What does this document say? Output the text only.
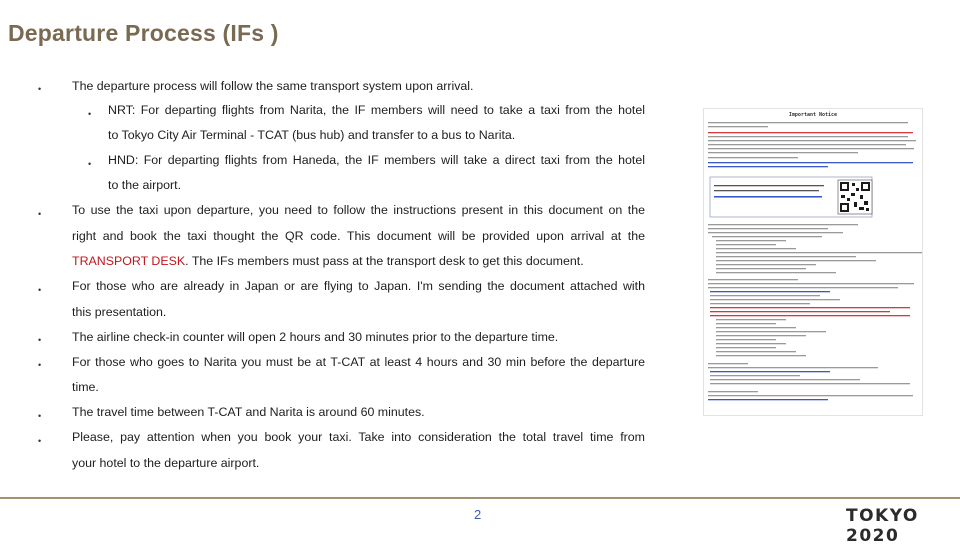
Departure Process (IFs )
• The departure process will follow the same transport system upon arrival.
• NRT: For departing flights from Narita, the IF members will need to take a taxi from the hotel
to Tokyo City Air Terminal - TCAT (bus hub) and transfer to a bus to Narita.
• HND: For departing flights from Haneda, the IF members will take a direct taxi from the hotel
to the airport.
• To use the taxi upon departure, you need to follow the instructions present in this document on the
right and book the taxi thought the QR code. This document will be provided upon arrival at the
TRANSPORT DESK. The IFs members must pass at the transport desk to get this document.
• For those who are already in Japan or are flying to Japan. I'm sending the document attached with
this presentation.
• The airline check-in counter will open 2 hours and 30 minutes prior to the departure time.
• For those who goes to Narita you must be at T-CAT at least 4 hours and 30 min before the departure
time.
• The travel time between T-CAT and Narita is around 60 minutes.
• Please, pay attention when you book your taxi. Take into consideration the total travel time from
your hotel to the departure airport.
Important Notice
2	TOKYO 2020
